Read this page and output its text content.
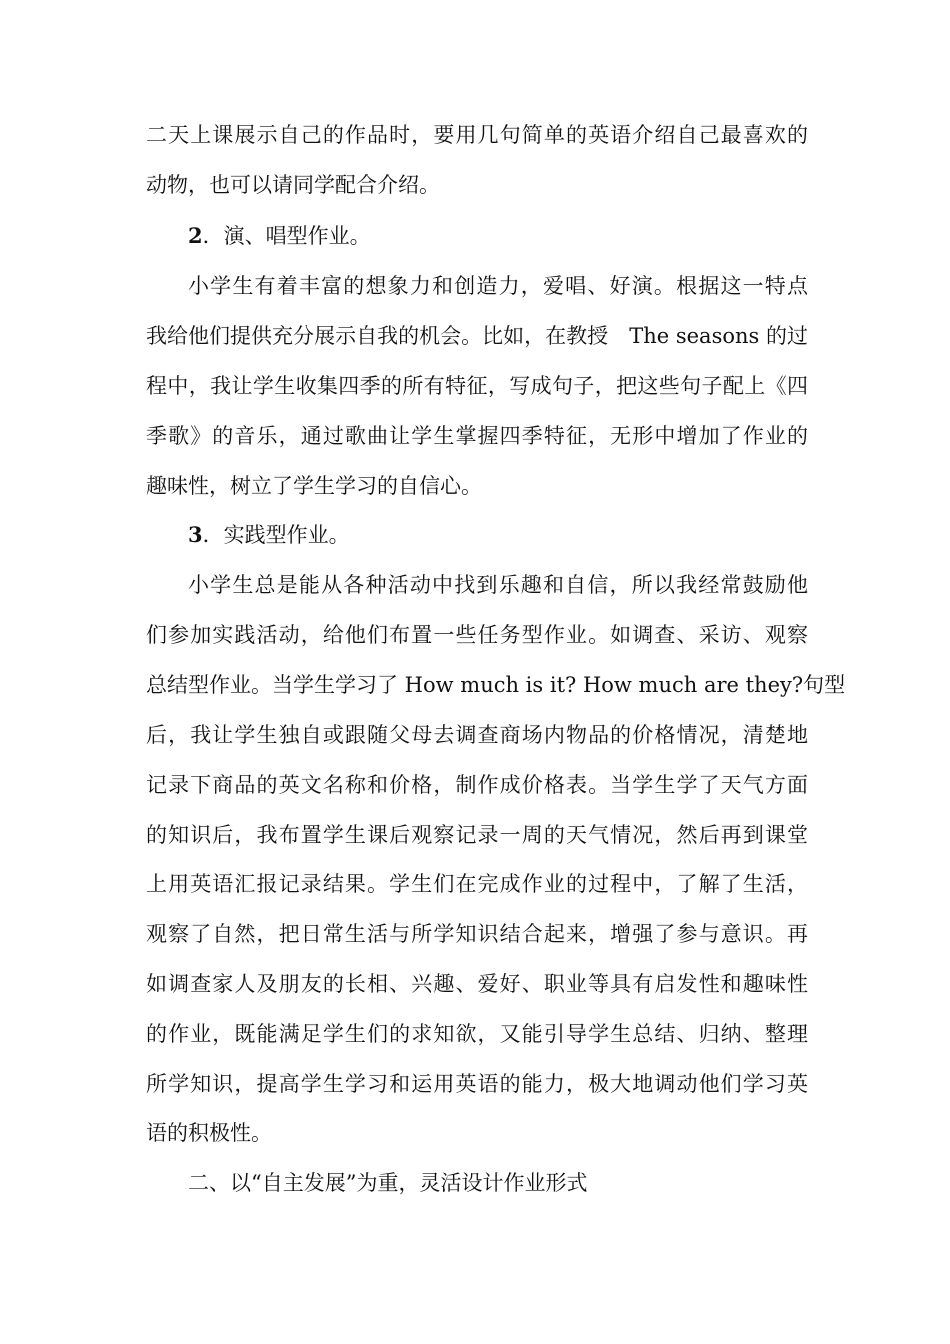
二天上课展示自己的作品时，要用几句简单的英语介绍自己最喜欢的
动物，也可以请同学配合介绍。
2．演、唱型作业。
小学生有着丰富的想象力和创造力，爱唱、好演。根据这一特点
我给他们提供充分展示自我的机会。比如，在教授　The seasons 的过
程中，我让学生收集四季的所有特征，写成句子，把这些句子配上《四
季歌》的音乐，通过歌曲让学生掌握四季特征，无形中增加了作业的
趣味性，树立了学生学习的自信心。
3．实践型作业。
小学生总是能从各种活动中找到乐趣和自信，所以我经常鼓励他
们参加实践活动，给他们布置一些任务型作业。如调查、采访、观察
总结型作业。当学生学习了 How much is it? How much are they?句型
后，我让学生独自或跟随父母去调查商场内物品的价格情况，清楚地
记录下商品的英文名称和价格，制作成价格表。当学生学了天气方面
的知识后，我布置学生课后观察记录一周的天气情况，然后再到课堂
上用英语汇报记录结果。学生们在完成作业的过程中，了解了生活，
观察了自然，把日常生活与所学知识结合起来，增强了参与意识。再
如调查家人及朋友的长相、兴趣、爱好、职业等具有启发性和趣味性
的作业，既能满足学生们的求知欲，又能引导学生总结、归纳、整理
所学知识，提高学生学习和运用英语的能力，极大地调动他们学习英
语的积极性。
二、以“自主发展”为重，灵活设计作业形式
